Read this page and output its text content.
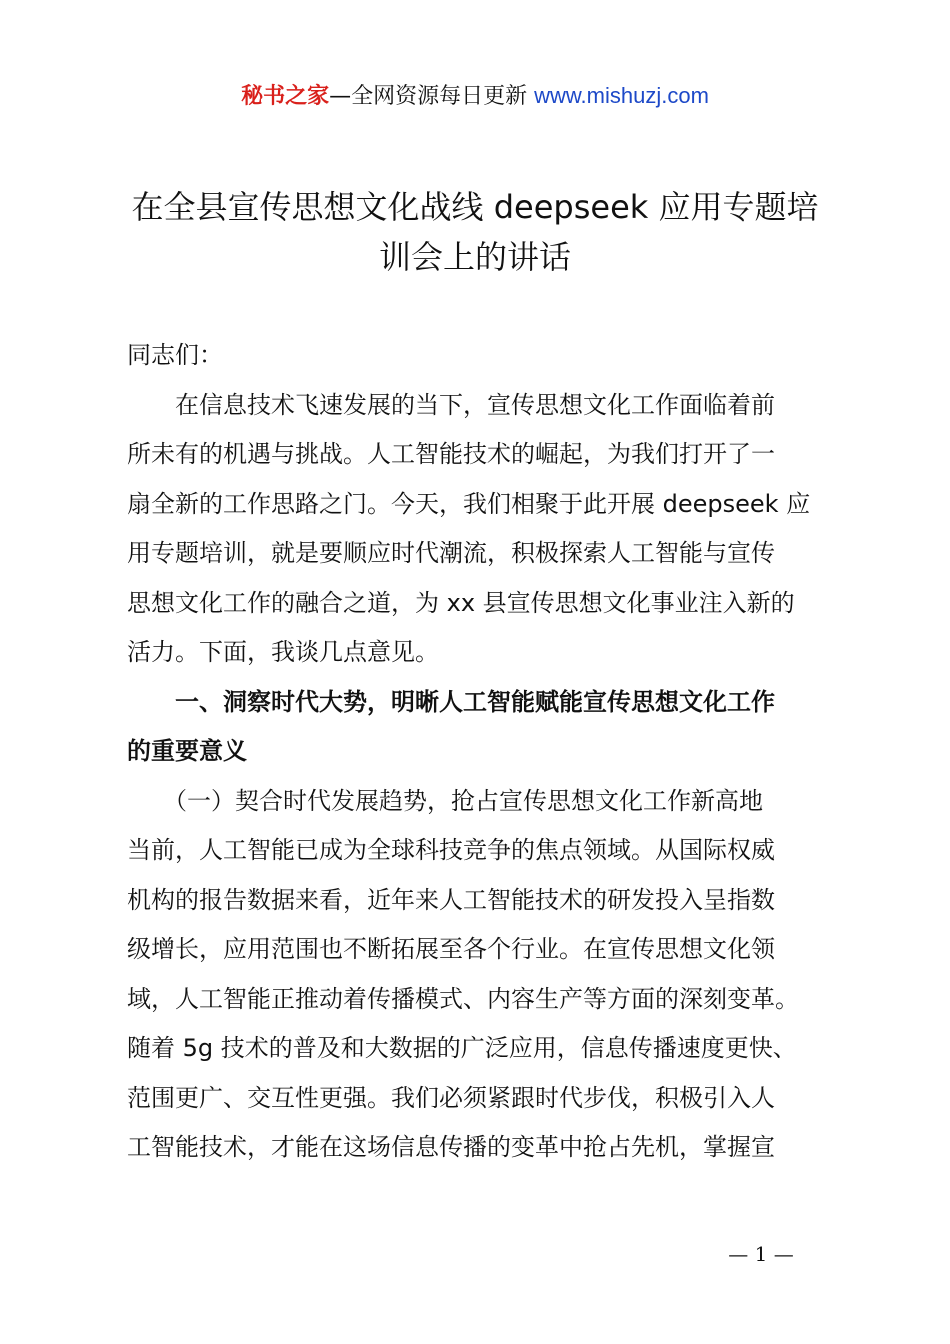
秘书之家—全网资源每日更新 www.mishuzj.com
在全县宣传思想文化战线 deepseek 应用专题培
训会上的讲话
同志们：
　　在信息技术飞速发展的当下，宣传思想文化工作面临着前
所未有的机遇与挑战。人工智能技术的崛起，为我们打开了一
扇全新的工作思路之门。今天，我们相聚于此开展 deepseek 应
用专题培训，就是要顺应时代潮流，积极探索人工智能与宣传
思想文化工作的融合之道，为 xx 县宣传思想文化事业注入新的
活力。下面，我谈几点意见。
　　一、洞察时代大势，明晰人工智能赋能宣传思想文化工作
的重要意义
　　（一）契合时代发展趋势，抢占宣传思想文化工作新高地
当前，人工智能已成为全球科技竞争的焦点领域。从国际权威
机构的报告数据来看，近年来人工智能技术的研发投入呈指数
级增长，应用范围也不断拓展至各个行业。在宣传思想文化领
域，人工智能正推动着传播模式、内容生产等方面的深刻变革。
随着 5g 技术的普及和大数据的广泛应用，信息传播速度更快、
范围更广、交互性更强。我们必须紧跟时代步伐，积极引入人
工智能技术，才能在这场信息传播的变革中抢占先机，掌握宣
— 1 —
